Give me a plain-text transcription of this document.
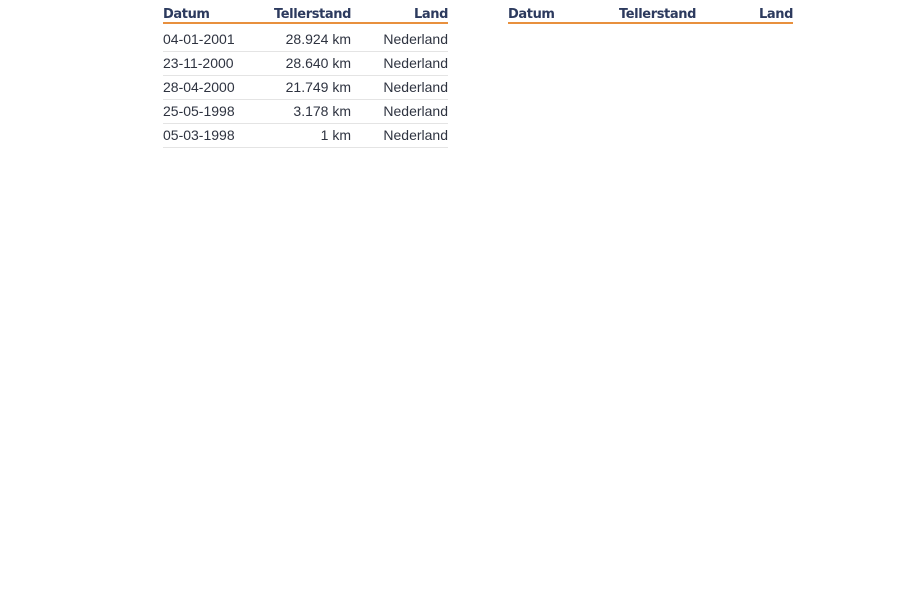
Datum	Tellerstand	Land
04-01-2001	28.924 km	Nederland
23-11-2000	28.640 km	Nederland
28-04-2000	21.749 km	Nederland
25-05-1998	3.178 km	Nederland
05-03-1998	1 km	Nederland
Datum	Tellerstand	Land
